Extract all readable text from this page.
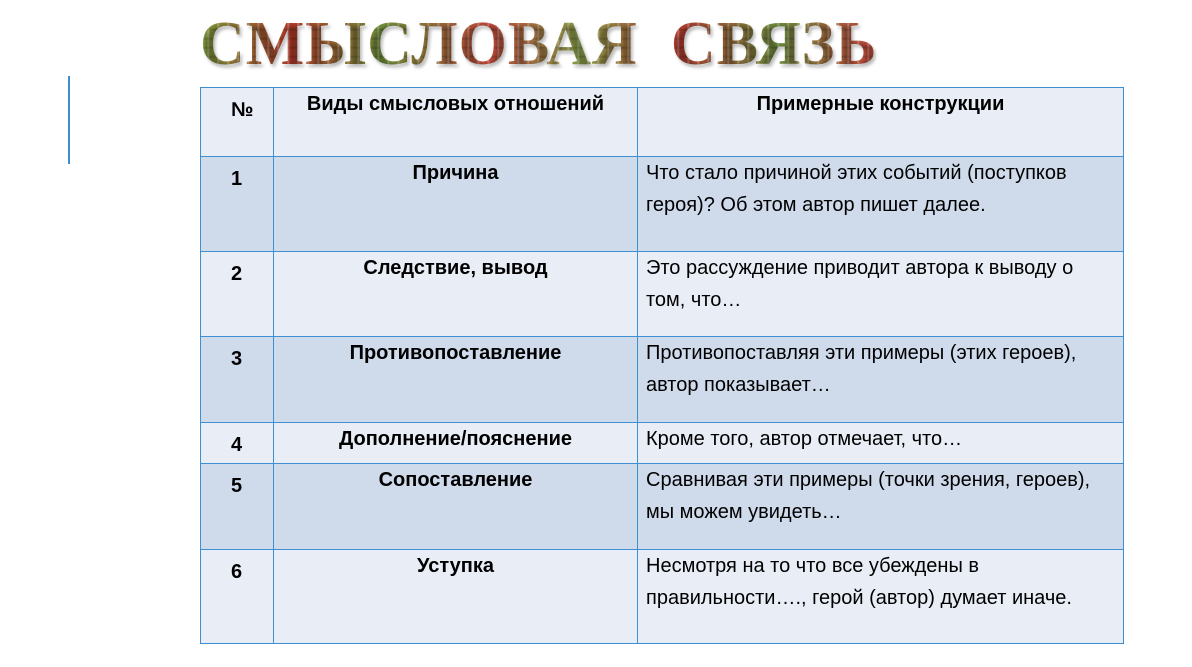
СМЫСЛОВАЯ  СВЯЗЬ
№	Виды смысловых отношений	Примерные конструкции
1	Причина	Что стало причиной этих событий (поступков героя)? Об этом автор пишет далее.
2	Следствие, вывод	Это рассуждение приводит автора к выводу о том, что…
3	Противопоставление	Противопоставляя эти примеры (этих героев), автор показывает…
4	Дополнение/пояснение	Кроме того, автор отмечает, что…
5	Сопоставление	Сравнивая эти примеры (точки зрения, героев), мы можем увидеть…
6	Уступка	Несмотря на то что все убеждены в правильности…., герой (автор) думает иначе.
